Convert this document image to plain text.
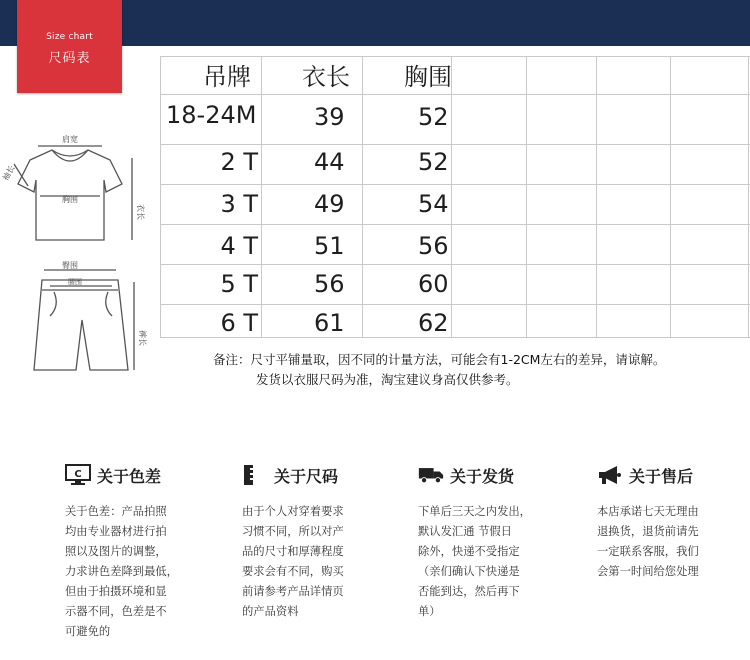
Size chart
尺码表
肩宽
袖长
胸围
衣长
臀围
腰围
裤长
吊牌 衣长 胸围
18-24M 39	52
2 T 44	52
3 T 49	54
4 T 51	56
5 T 56	60
6 T 61	62
备注：尺寸平铺量取，因不同的计量方法，可能会有1-2CM左右的差异，请谅解。
发货以衣服尺码为准，淘宝建议身高仅供参考。
C 关于色差
关于色差：产品拍照
均由专业器材进行拍
照以及图片的调整，
力求讲色差降到最低，
但由于拍摄环境和显
示器不同，色差是不
可避免的
关于尺码
由于个人对穿着要求
习惯不同，所以对产
品的尺寸和厚薄程度
要求会有不同，购买
前请参考产品详情页
的产品资料
关于发货
下单后三天之内发出，
默认发汇通 节假日
除外，快递不受指定
（亲们确认下快递是
否能到达，然后再下
单）
关于售后
本店承诺七天无理由
退换货，退货前请先
一定联系客服，我们
会第一时间给您处理
